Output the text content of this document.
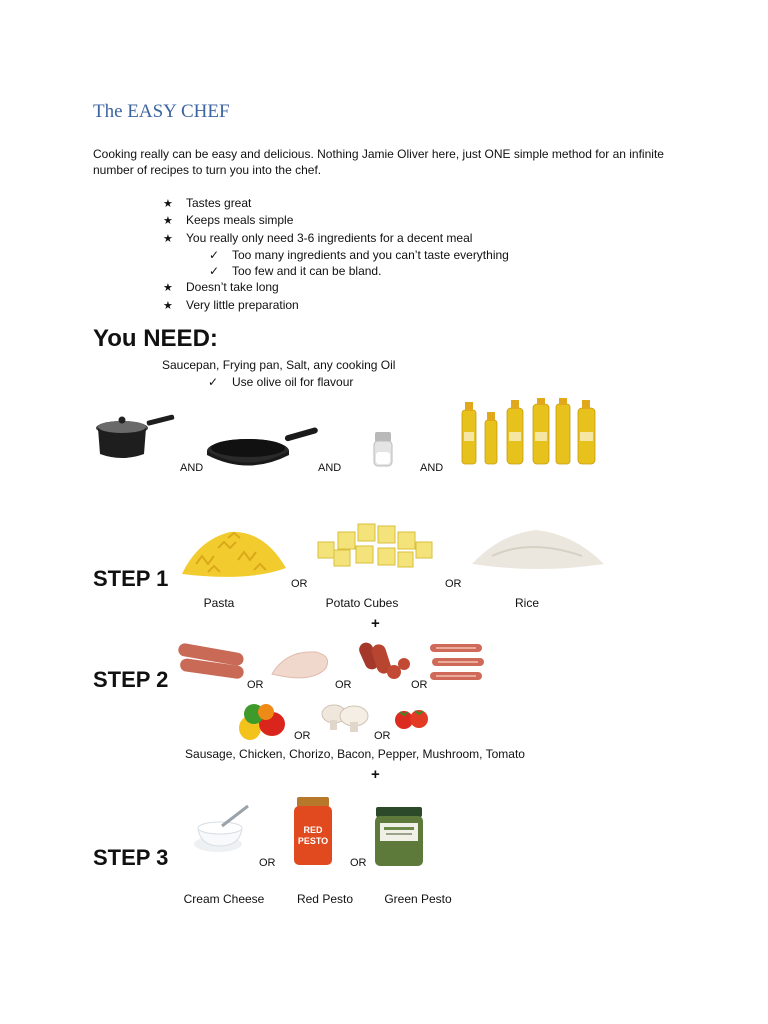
The EASY CHEF
Cooking really can be easy and delicious. Nothing Jamie Oliver here, just ONE simple method for an infinite number of recipes to turn you into the chef.
★ Tastes great
★ Keeps meals simple
★ You really only need 3-6 ingredients for a decent meal
✓ Too many ingredients and you can’t taste everything
✓ Too few and it can be bland.
★ Doesn’t take long
★ Very little preparation
You NEED:
Saucepan, Frying pan, Salt, any cooking Oil
✓ Use olive oil for flavour
AND	AND	AND
STEP 1	OR	OR
Pasta	Potato Cubes	Rice
+
STEP 2	OR	OR	OR
OR	OR
Sausage, Chicken, Chorizo, Bacon, Pepper, Mushroom, Tomato
+
STEP 3	OR
RED
PESTO
OR
Cream Cheese	Red Pesto	Green Pesto
